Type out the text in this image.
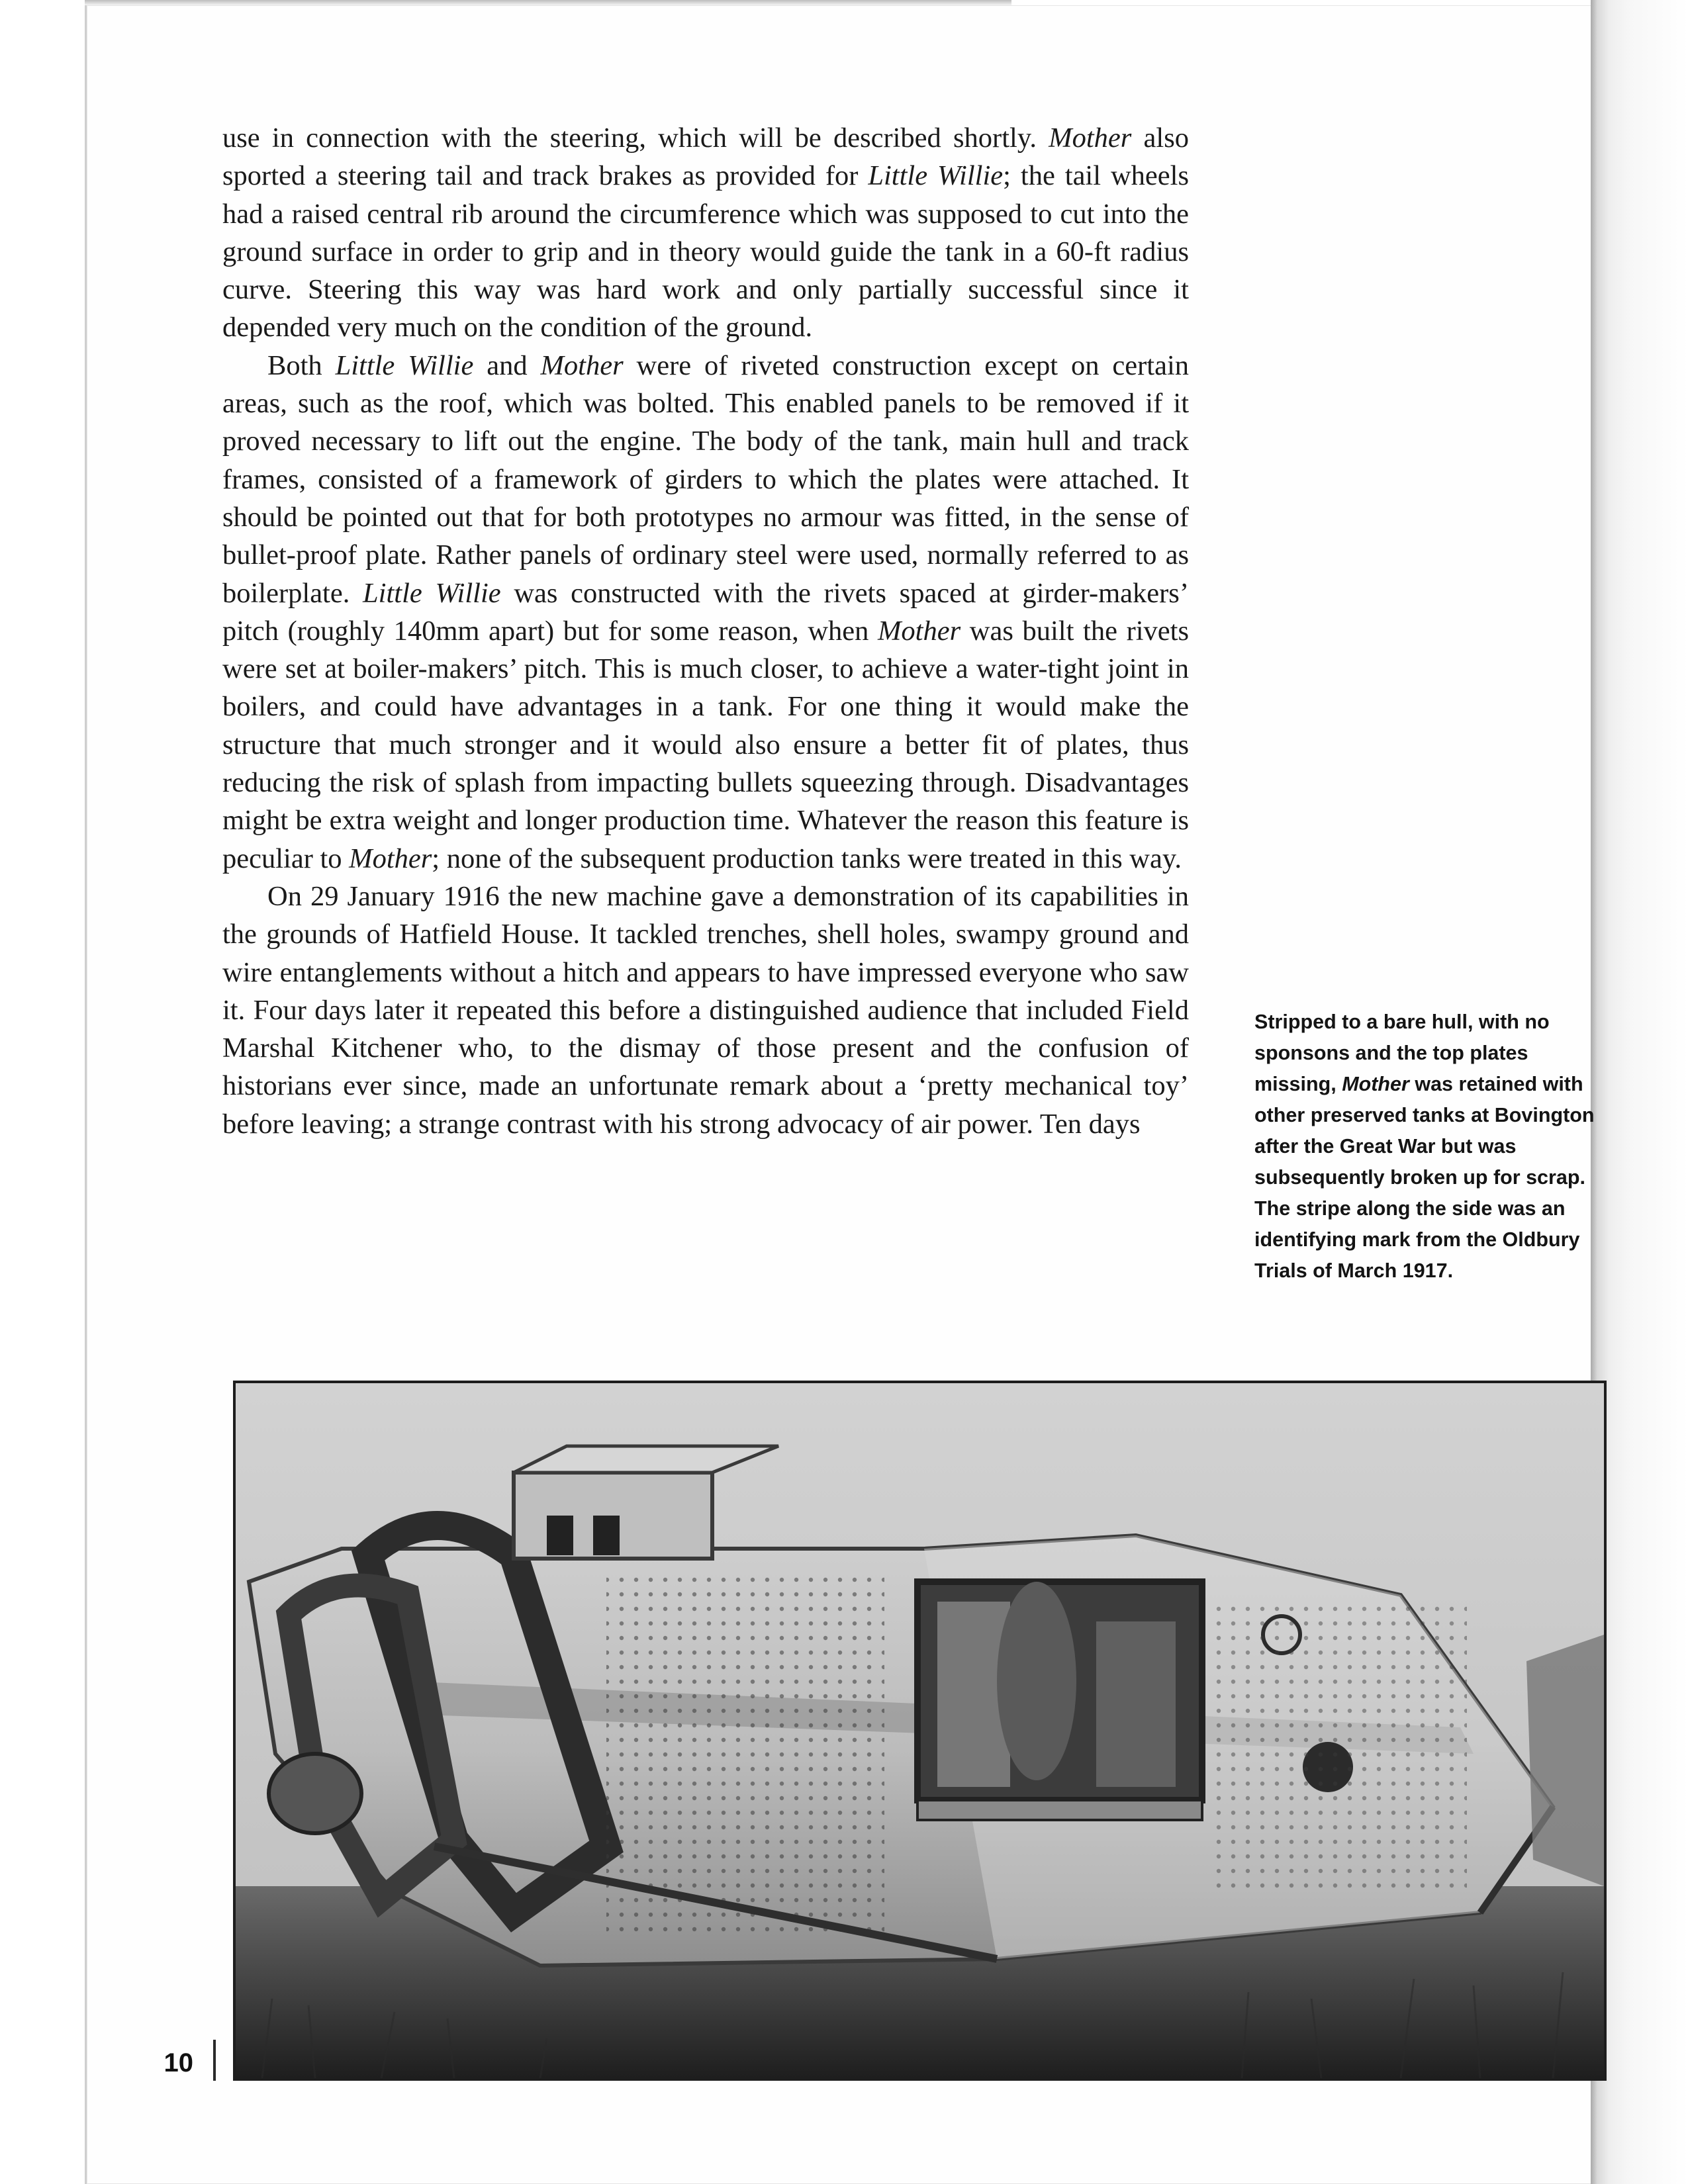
use in connection with the steering, which will be described shortly. Mother also sported a steering tail and track brakes as provided for Little Willie; the tail wheels had a raised central rib around the circumference which was supposed to cut into the ground surface in order to grip and in theory would guide the tank in a 60-ft radius curve. Steering this way was hard work and only partially successful since it depended very much on the condition of the ground.

Both Little Willie and Mother were of riveted construction except on certain areas, such as the roof, which was bolted. This enabled panels to be removed if it proved necessary to lift out the engine. The body of the tank, main hull and track frames, consisted of a framework of girders to which the plates were attached. It should be pointed out that for both prototypes no armour was fitted, in the sense of bullet-proof plate. Rather panels of ordinary steel were used, normally referred to as boilerplate. Little Willie was constructed with the rivets spaced at girder-makers’ pitch (roughly 140mm apart) but for some reason, when Mother was built the rivets were set at boiler-makers’ pitch. This is much closer, to achieve a water-tight joint in boilers, and could have advantages in a tank. For one thing it would make the structure that much stronger and it would also ensure a better fit of plates, thus reducing the risk of splash from impacting bullets squeezing through. Disadvantages might be extra weight and longer production time. Whatever the reason this feature is peculiar to Mother; none of the subsequent production tanks were treated in this way.

On 29 January 1916 the new machine gave a demonstration of its capabilities in the grounds of Hatfield House. It tackled trenches, shell holes, swampy ground and wire entanglements without a hitch and appears to have impressed everyone who saw it. Four days later it repeated this before a distinguished audience that included Field Marshal Kitchener who, to the dismay of those present and the confusion of historians ever since, made an unfortunate remark about a ‘pretty mechanical toy’ before leaving; a strange contrast with his strong advocacy of air power. Ten days

Stripped to a bare hull, with no sponsons and the top plates missing, Mother was retained with other preserved tanks at Bovington after the Great War but was subsequently broken up for scrap. The stripe along the side was an identifying mark from the Oldbury Trials of March 1917.
10
